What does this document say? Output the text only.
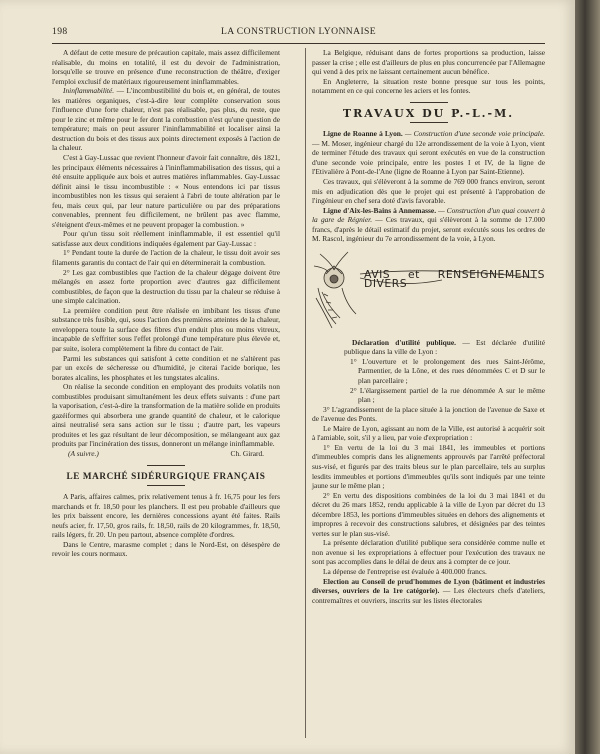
198	LA CONSTRUCTION LYONNAISE

A défaut de cette mesure de précaution capitale, mais assez difficilement réalisable, du moins en totalité, il est du devoir de l'administration, lorsqu'elle se trouve en présence d'une reconstruction de théâtre, d'exiger l'emploi exclusif de matériaux rigoureusement ininflammables.

Ininflammabilité. — L'incombustibilité du bois et, en général, de toutes les matières organiques, c'est-à-dire leur complète conservation sous l'influence d'une forte chaleur, n'est pas réalisable, pas plus, du reste, que pour le zinc et même pour le fer dont la combustion n'est qu'une question de température; mais on peut assurer l'ininflammabilité et localiser ainsi la destruction du bois et des tissus aux points directement exposés à l'action de la chaleur.

C'est à Gay-Lussac que revient l'honneur d'avoir fait connaître, dès 1821, les principaux éléments nécessaires à l'ininflammabilisation des tissus, qui a été ensuite appliquée aux bois et autres matières inflammables. Gay-Lussac définit ainsi le tissu incombustible : « Nous entendons ici par tissus incombustibles non les tissus qui seraient à l'abri de toute altération par le feu, mais ceux qui, par leur nature particulière ou par des préparations convenables, prennent feu difficilement, ne brûlent pas avec flamme, s'éteignent d'eux-mêmes et ne peuvent propager la combustion. »

Pour qu'un tissu soit réellement ininflammable, il est essentiel qu'il satisfasse aux deux conditions indiquées également par Gay-Lussac :

1° Pendant toute la durée de l'action de la chaleur, le tissu doit avoir ses filaments garantis du contact de l'air qui en déterminerait la combustion.

2° Les gaz combustibles que l'action de la chaleur dégage doivent être mélangés en assez forte proportion avec d'autres gaz difficilement combustibles, de façon que la destruction du tissu par la chaleur se réduise à une simple calcination.

La première condition peut être réalisée en imbibant les tissus d'une substance très fusible, qui, sous l'action des premières atteintes de la chaleur, enveloppera toute la surface des fibres d'un enduit plus ou moins vitreux, incapable de s'effriter sous l'effet prolongé d'une température plus élevée et, par suite, isolera complètement la fibre du contact de l'air.

Parmi les substances qui satisfont à cette condition et ne s'altèrent pas par un excès de sécheresse ou d'humidité, je citerai l'acide borique, les borates alcalins, les phosphates et les tungstates alcalins.

On réalise la seconde condition en employant des produits volatils non combustibles produisant simultanément les deux effets suivants : d'une part la vaporisation, c'est-à-dire la transformation de la matière solide en produits gazéiformes qui absorbera une grande quantité de chaleur, et le calorique ainsi neutralisé sera sans action sur le tissu ; d'autre part, les vapeurs produites et les gaz résultant de leur décomposition, se mélangeant aux gaz produits par l'incinération des tissus, donneront un mélange ininflammable.

(A suivre.)	Ch. Girard.
LE MARCHÉ SIDÉRURGIQUE FRANÇAIS

A Paris, affaires calmes, prix relativement tenus à fr. 16,75 pour les fers marchands et fr. 18,50 pour les planchers. Il est peu probable d'ailleurs que les prix baissent encore, les dernières concessions ayant été faites. Rails neufs acier, fr. 17,50, gros rails, fr. 18,50, rails de 20 kilogrammes, fr. 18,50, rails légers, fr. 20. Un peu partout, absence complète d'ordres.

Dans le Centre, marasme complet ; dans le Nord-Est, on désespère de revoir les cours normaux.

La Belgique, réduisant dans de fortes proportions sa production, laisse passer la crise ; elle est d'ailleurs de plus en plus concurrencée par l'Allemagne qui vend à des prix ne laissant certainement aucun bénéfice.

En Angleterre, la situation reste bonne presque sur tous les points, notamment en ce qui concerne les aciers et les fontes.

TRAVAUX DU P.-L.-M.

Ligne de Roanne à Lyon. — Construction d'une seconde voie principale. — M. Moser, ingénieur chargé du 12e arrondissement de la voie à Lyon, vient de terminer l'étude des travaux qui seront exécutés en vue de la construction d'une seconde voie principale, entre les postes I et IV, de la ligne de l'Etivalière à Pont-de-l'Ane (ligne de Roanne à Lyon par Saint-Etienne).

Ces travaux, qui s'élèveront à la somme de 769 000 francs environ, seront mis en adjudication dès que le projet qui est présenté à l'approbation de l'ingénieur en chef sera doté d'avis favorable.

Ligne d'Aix-les-Bains à Annemasse. — Construction d'un quai couvert à la gare de Régnier. — Ces travaux, qui s'élèveront à la somme de 17.000 francs, d'après le détail estimatif du projet, seront exécutés sous les ordres de M. Rascol, ingénieur du 7e arrondissement de la voie, à Lyon.

AVIS et RENSEIGNEMENTS DIVERS

Déclaration d'utilité publique. — Est déclarée d'utilité publique dans la ville de Lyon :

1° L'ouverture et le prolongement des rues Saint-Jérôme, Parmentier, de la Lône, et des rues dénommées C et D sur le plan parcellaire ;

2° L'élargissement partiel de la rue dénommée A sur le même plan ;

3° L'agrandissement de la place située à la jonction de l'avenue de Saxe et de l'avenue des Ponts.

Le Maire de Lyon, agissant au nom de la Ville, est autorisé à acquérir soit à l'amiable, soit, s'il y a lieu, par voie d'expropriation :

1° En vertu de la loi du 3 mai 1841, les immeubles et portions d'immeubles compris dans les alignements approuvés par l'arrêté préfectoral sus-visé, et figurés par des traits bleus sur le plan parcellaire, tels au surplus lesdits immeubles et portions d'immeubles qu'ils sont indiqués par une teinte jaune sur le même plan ;

2° En vertu des dispositions combinées de la loi du 3 mai 1841 et du décret du 26 mars 1852, rendu applicable à la ville de Lyon par décret du 13 décembre 1853, les portions d'immeubles situées en dehors des alignements et impropres à recevoir des constructions salubres, et désignées par des teintes vertes sur le plan sus-visé.

La présente déclaration d'utilité publique sera considérée comme nulle et non avenue si les expropriations à effectuer pour l'exécution des travaux ne sont pas accomplies dans le délai de deux ans à compter de ce jour.

La dépense de l'entreprise est évaluée à 400.000 francs.

Election au Conseil de prud'hommes de Lyon (bâtiment et industries diverses, ouvriers de la 1re catégorie). — Les électeurs chefs d'ateliers, contremaîtres et ouvriers, inscrits sur les listes électorales
